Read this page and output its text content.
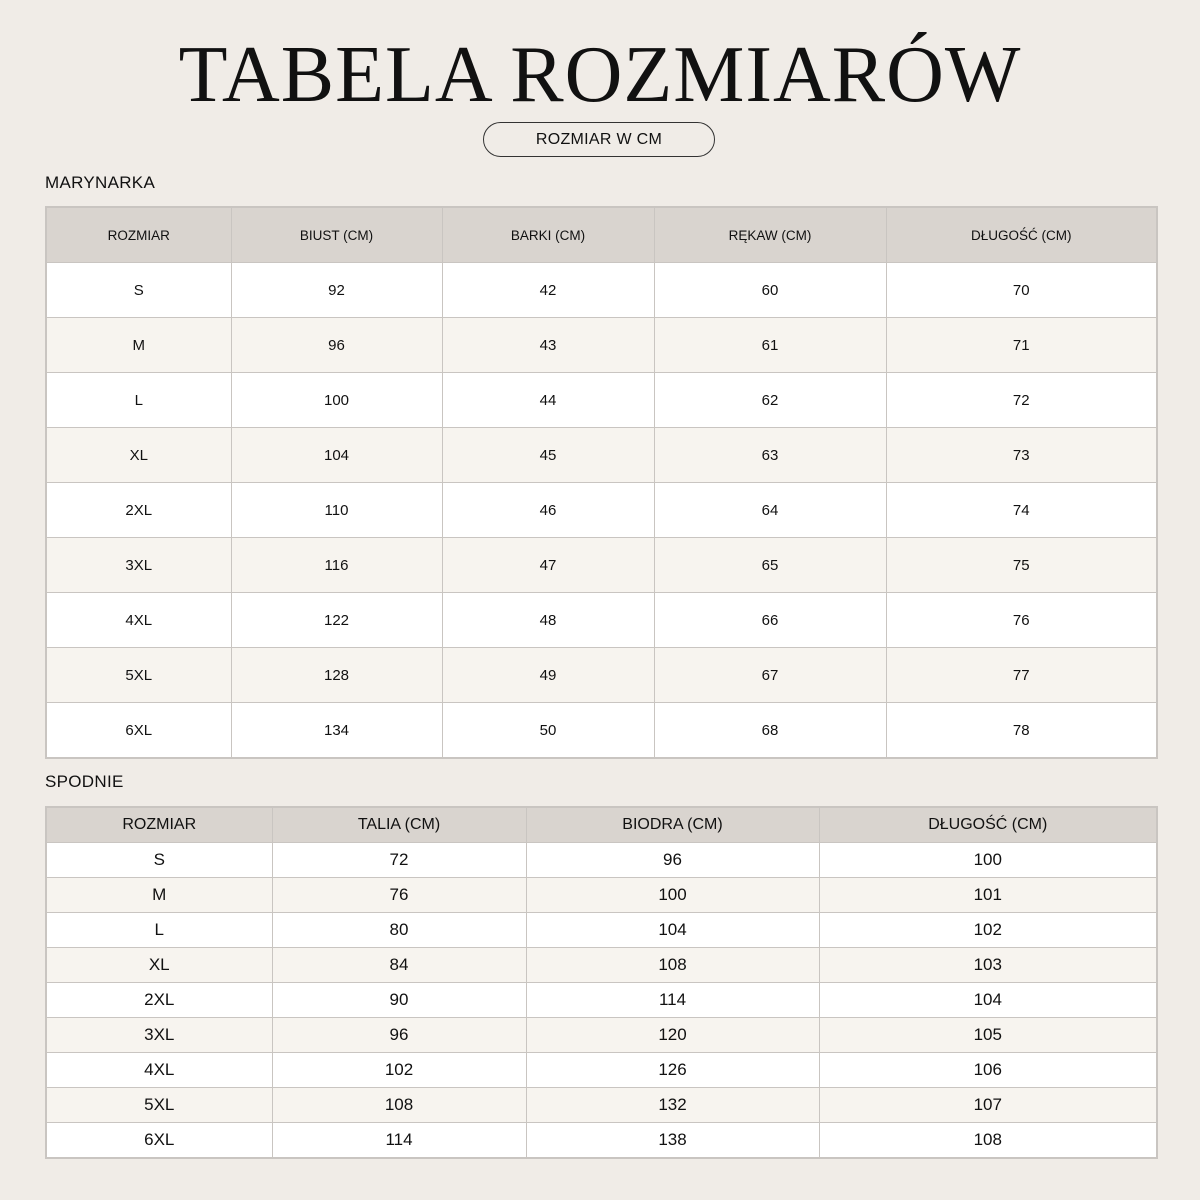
TABELA ROZMIARÓW
ROZMIAR W CM
MARYNARKA
ROZMIAR	BIUST (CM)	BARKI (CM)	RĘKAW (CM)	DŁUGOŚĆ (CM)
S	92	42	60	70
M	96	43	61	71
L	100	44	62	72
XL	104	45	63	73
2XL	110	46	64	74
3XL	116	47	65	75
4XL	122	48	66	76
5XL	128	49	67	77
6XL	134	50	68	78
SPODNIE
ROZMIAR	TALIA (CM)	BIODRA (CM)	DŁUGOŚĆ (CM)
S	72	96	100
M	76	100	101
L	80	104	102
XL	84	108	103
2XL	90	114	104
3XL	96	120	105
4XL	102	126	106
5XL	108	132	107
6XL	114	138	108
